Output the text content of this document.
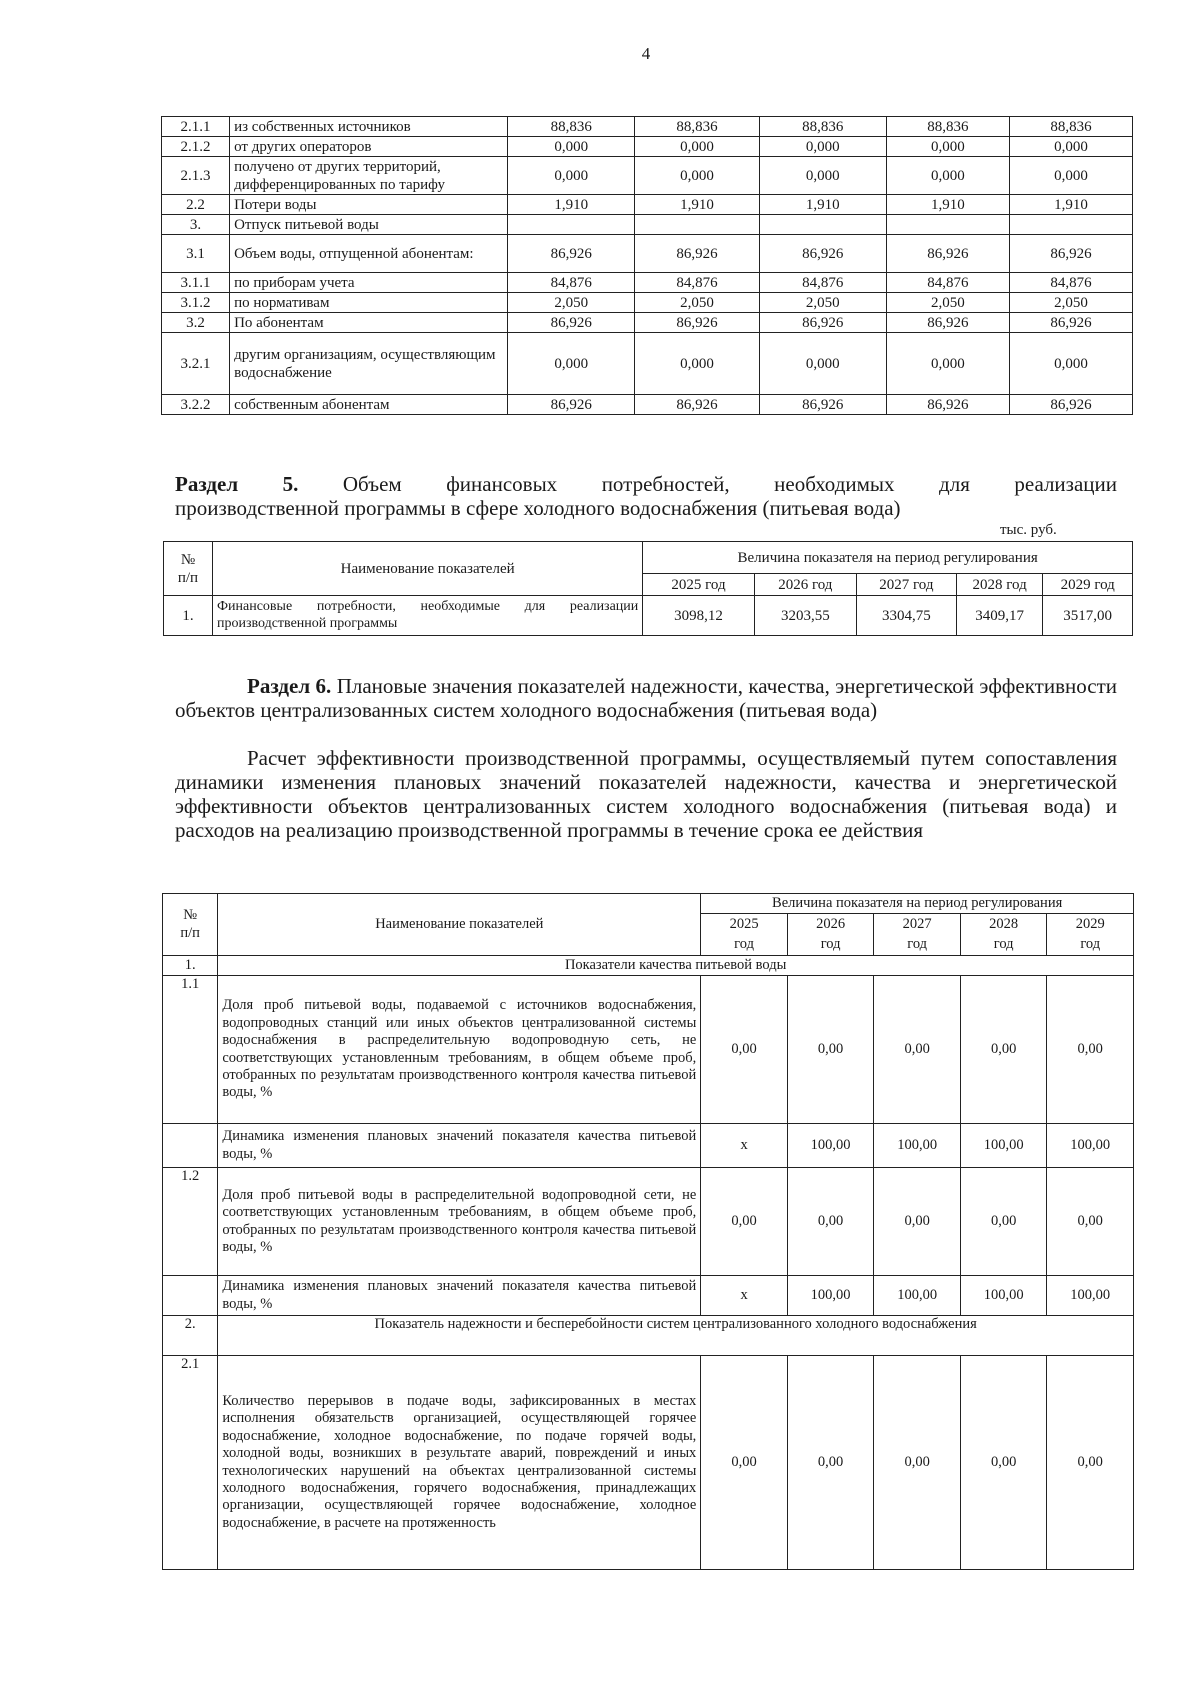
4
2.1.1	из собственных источников	88,836	88,836	88,836	88,836	88,836
2.1.2	от других операторов	0,000	0,000	0,000	0,000	0,000
2.1.3	получено от других территорий, дифференцированных по тарифу	0,000	0,000	0,000	0,000	0,000
2.2	Потери воды	1,910	1,910	1,910	1,910	1,910
3.	Отпуск питьевой воды					
3.1	Объем воды, отпущенной абонентам:	86,926	86,926	86,926	86,926	86,926
3.1.1	по приборам учета	84,876	84,876	84,876	84,876	84,876
3.1.2	по нормативам	2,050	2,050	2,050	2,050	2,050
3.2	По абонентам	86,926	86,926	86,926	86,926	86,926
3.2.1	другим организациям, осуществляющим водоснабжение	0,000	0,000	0,000	0,000	0,000
3.2.2	собственным абонентам	86,926	86,926	86,926	86,926	86,926
Раздел 5. Объем финансовых потребностей, необходимых для реализации
производственной программы в сфере холодного водоснабжения (питьевая вода)
тыс. руб.
№
п/п	Наименование показателей	Величина показателя на период регулирования				
		2025 год	2026 год	2027 год	2028 год	2029 год
1.	Финансовые потребности, необходимые для реализации производственной программы	3098,12	3203,55	3304,75	3409,17	3517,00
Раздел 6. Плановые значения показателей надежности, качества, энергетической эффективности объектов централизованных систем холодного водоснабжения (питьевая вода)
Расчет эффективности производственной программы, осуществляемый путем сопоставления динамики изменения плановых значений показателей надежности, качества и энергетической эффективности объектов централизованных систем холодного водоснабжения (питьевая вода) и расходов на реализацию производственной программы в течение срока ее действия
№
п/п	Наименование показателей	Величина показателя на период регулирования				
		2025	2026	2027	2028	2029
		год	год	год	год	год
1.	Показатели качества питьевой воды					
1.1	Доля проб питьевой воды, подаваемой с источников водоснабжения, водопроводных станций или иных объектов централизованной системы водоснабжения в распределительную водопроводную сеть, не соответствующих установленным требованиям, в общем объеме проб, отобранных по результатам производственного контроля качества питьевой воды, %	0,00	0,00	0,00	0,00	0,00
	Динамика изменения плановых значений показателя качества питьевой воды, %	x	100,00	100,00	100,00	100,00
1.2	Доля проб питьевой воды в распределительной водопроводной сети, не соответствующих установленным требованиям, в общем объеме проб, отобранных по результатам производственного контроля качества питьевой воды, %	0,00	0,00	0,00	0,00	0,00
	Динамика изменения плановых значений показателя качества питьевой воды, %	x	100,00	100,00	100,00	100,00
2.	Показатель надежности и бесперебойности систем централизованного холодного водоснабжения					
2.1	Количество перерывов в подаче воды, зафиксированных в местах исполнения обязательств организацией, осуществляющей горячее водоснабжение, холодное водоснабжение, по подаче горячей воды, холодной воды, возникших в результате аварий, повреждений и иных технологических нарушений на объектах централизованной системы холодного водоснабжения, горячего водоснабжения, принадлежащих организации, осуществляющей горячее водоснабжение, холодное водоснабжение, в расчете на протяженность	0,00	0,00	0,00	0,00	0,00
